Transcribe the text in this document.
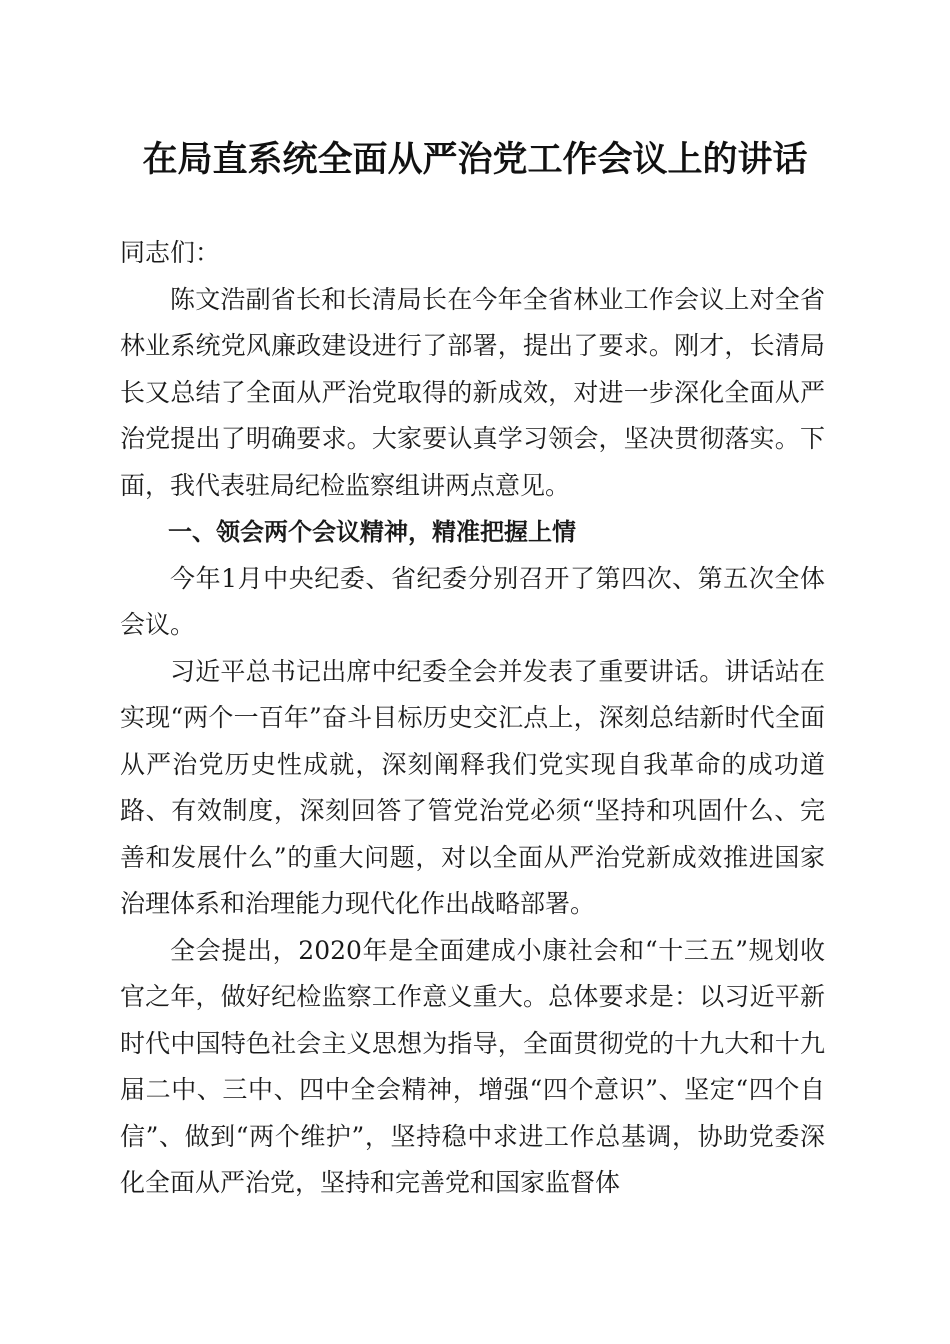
在局直系统全面从严治党工作会议上的讲话

同志们：

陈文浩副省长和长清局长在今年全省林业工作会议上对全省林业系统党风廉政建设进行了部署，提出了要求。刚才，长清局长又总结了全面从严治党取得的新成效，对进一步深化全面从严治党提出了明确要求。大家要认真学习领会，坚决贯彻落实。下面，我代表驻局纪检监察组讲两点意见。

一、领会两个会议精神，精准把握上情

今年1月中央纪委、省纪委分别召开了第四次、第五次全体会议。

习近平总书记出席中纪委全会并发表了重要讲话。讲话站在实现“两个一百年”奋斗目标历史交汇点上，深刻总结新时代全面从严治党历史性成就，深刻阐释我们党实现自我革命的成功道路、有效制度，深刻回答了管党治党必须“坚持和巩固什么、完善和发展什么”的重大问题，对以全面从严治党新成效推进国家治理体系和治理能力现代化作出战略部署。

全会提出，2020年是全面建成小康社会和“十三五”规划收官之年，做好纪检监察工作意义重大。总体要求是：以习近平新时代中国特色社会主义思想为指导，全面贯彻党的十九大和十九届二中、三中、四中全会精神，增强“四个意识”、坚定“四个自信”、做到“两个维护”，坚持稳中求进工作总基调，协助党委深化全面从严治党，坚持和完善党和国家监督体
